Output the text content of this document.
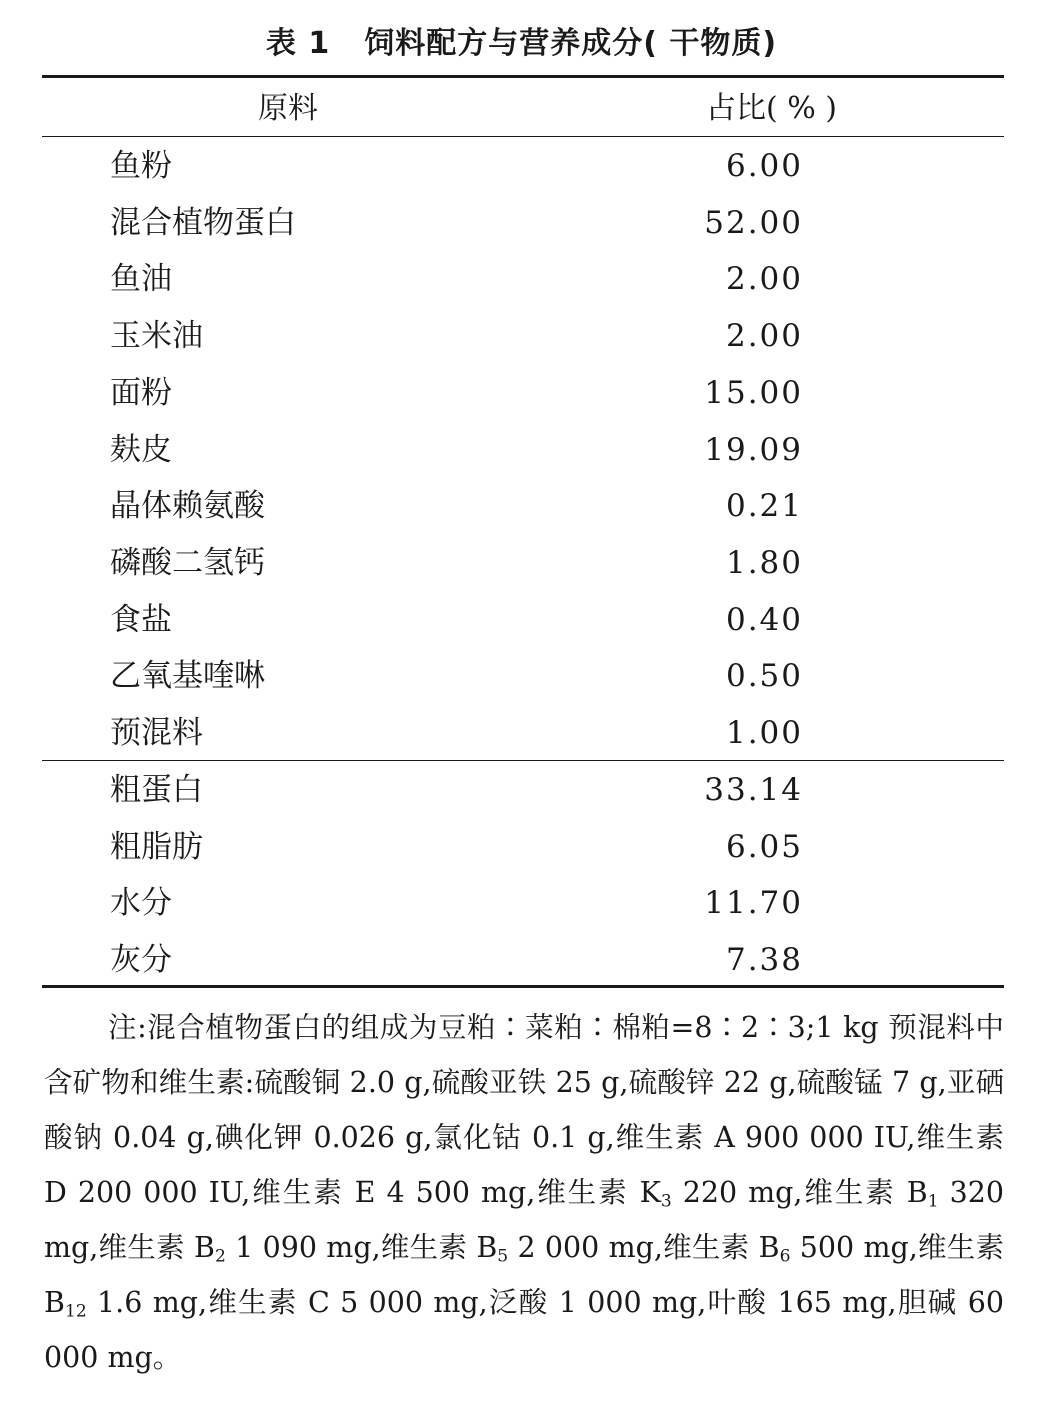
表 1 饲料配方与营养成分( 干物质)
原料	占比( % )
鱼粉	6.00
混合植物蛋白	52.00
鱼油	2.00
玉米油	2.00
面粉	15.00
麸皮	19.09
晶体赖氨酸	0.21
磷酸二氢钙	1.80
食盐	0.40
乙氧基喹啉	0.50
预混料	1.00
粗蛋白	33.14
粗脂肪	6.05
水分	11.70
灰分	7.38

注:混合植物蛋白的组成为豆粕∶菜粕∶棉粕=8∶2∶3;1 kg 预混料中含矿物和维生素:硫酸铜 2.0 g,硫酸亚铁 25 g,硫酸锌 22 g,硫酸锰 7 g,亚硒酸钠 0.04 g,碘化钾 0.026 g,氯化钴 0.1 g,维生素 A 900 000 IU,维生素 D 200 000 IU,维生素 E 4 500 mg,维生素 $K_3$ 220 mg,维生素 $B_1$ 320 mg,维生素 $B_2$ 1 090 mg,维生素 $B_5$ 2 000 mg,维生素 $B_6$ 500 mg,维生素 $B_{12}$ 1.6 mg,维生素 C 5 000 mg,泛酸 1 000 mg,叶酸 165 mg,胆碱 60 000 mg。
